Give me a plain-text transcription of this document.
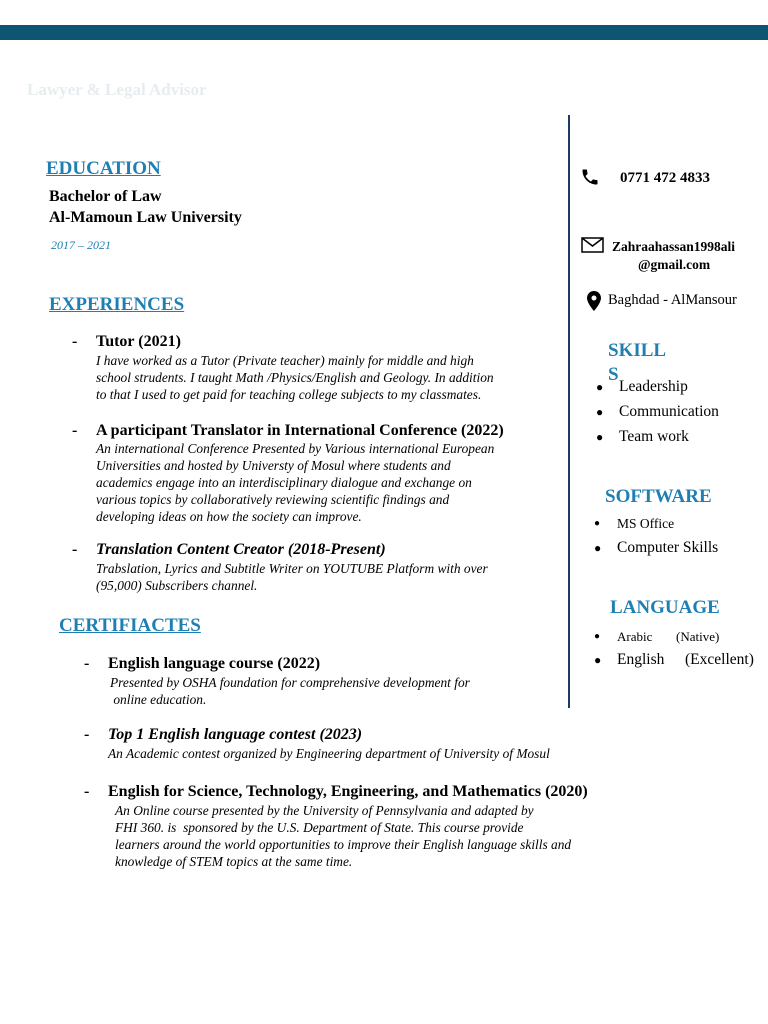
Lawyer & Legal Advisor
EDUCATION
Bachelor of Law
Al-Mamoun Law University
2017 – 2021
EXPERIENCES
- Tutor (2021)
I have worked as a Tutor (Private teacher) mainly for middle and high
school strudents. I taught Math /Physics/English and Geology. In addition
to that I used to get paid for teaching college subjects to my classmates.
- A participant Translator in International Conference (2022)
An international Conference Presented by Various international European
Universities and hosted by Universty of Mosul where students and
academics engage into an interdisciplinary dialogue and exchange on
various topics by collaboratively reviewing scientific findings and
developing ideas on how the society can improve.
- Translation Content Creator (2018-Present)
Trabslation, Lyrics and Subtitle Writer on YOUTUBE Platform with over
(95,000) Subscribers channel.
CERTIFIACTES
- English language course (2022)
Presented by OSHA foundation for comprehensive development for
online education.
- Top 1 English language contest (2023)
An Academic contest organized by Engineering department of University of Mosul
- English for Science, Technology, Engineering, and Mathematics (2020)
An Online course presented by the University of Pennsylvania and adapted by
FHI 360. is  sponsored by the U.S. Department of State. This course provide
learners around the world opportunities to improve their English language skills and
knowledge of STEM topics at the same time.
0771 472 4833
Zahraahassan1998ali
@gmail.com
Baghdad - AlMansour
SKILL
S
● Leadership
● Communication
● Team work
SOFTWARE
● MS Office
● Computer Skills
LANGUAGE
● Arabic (Native)
● English (Excellent)
